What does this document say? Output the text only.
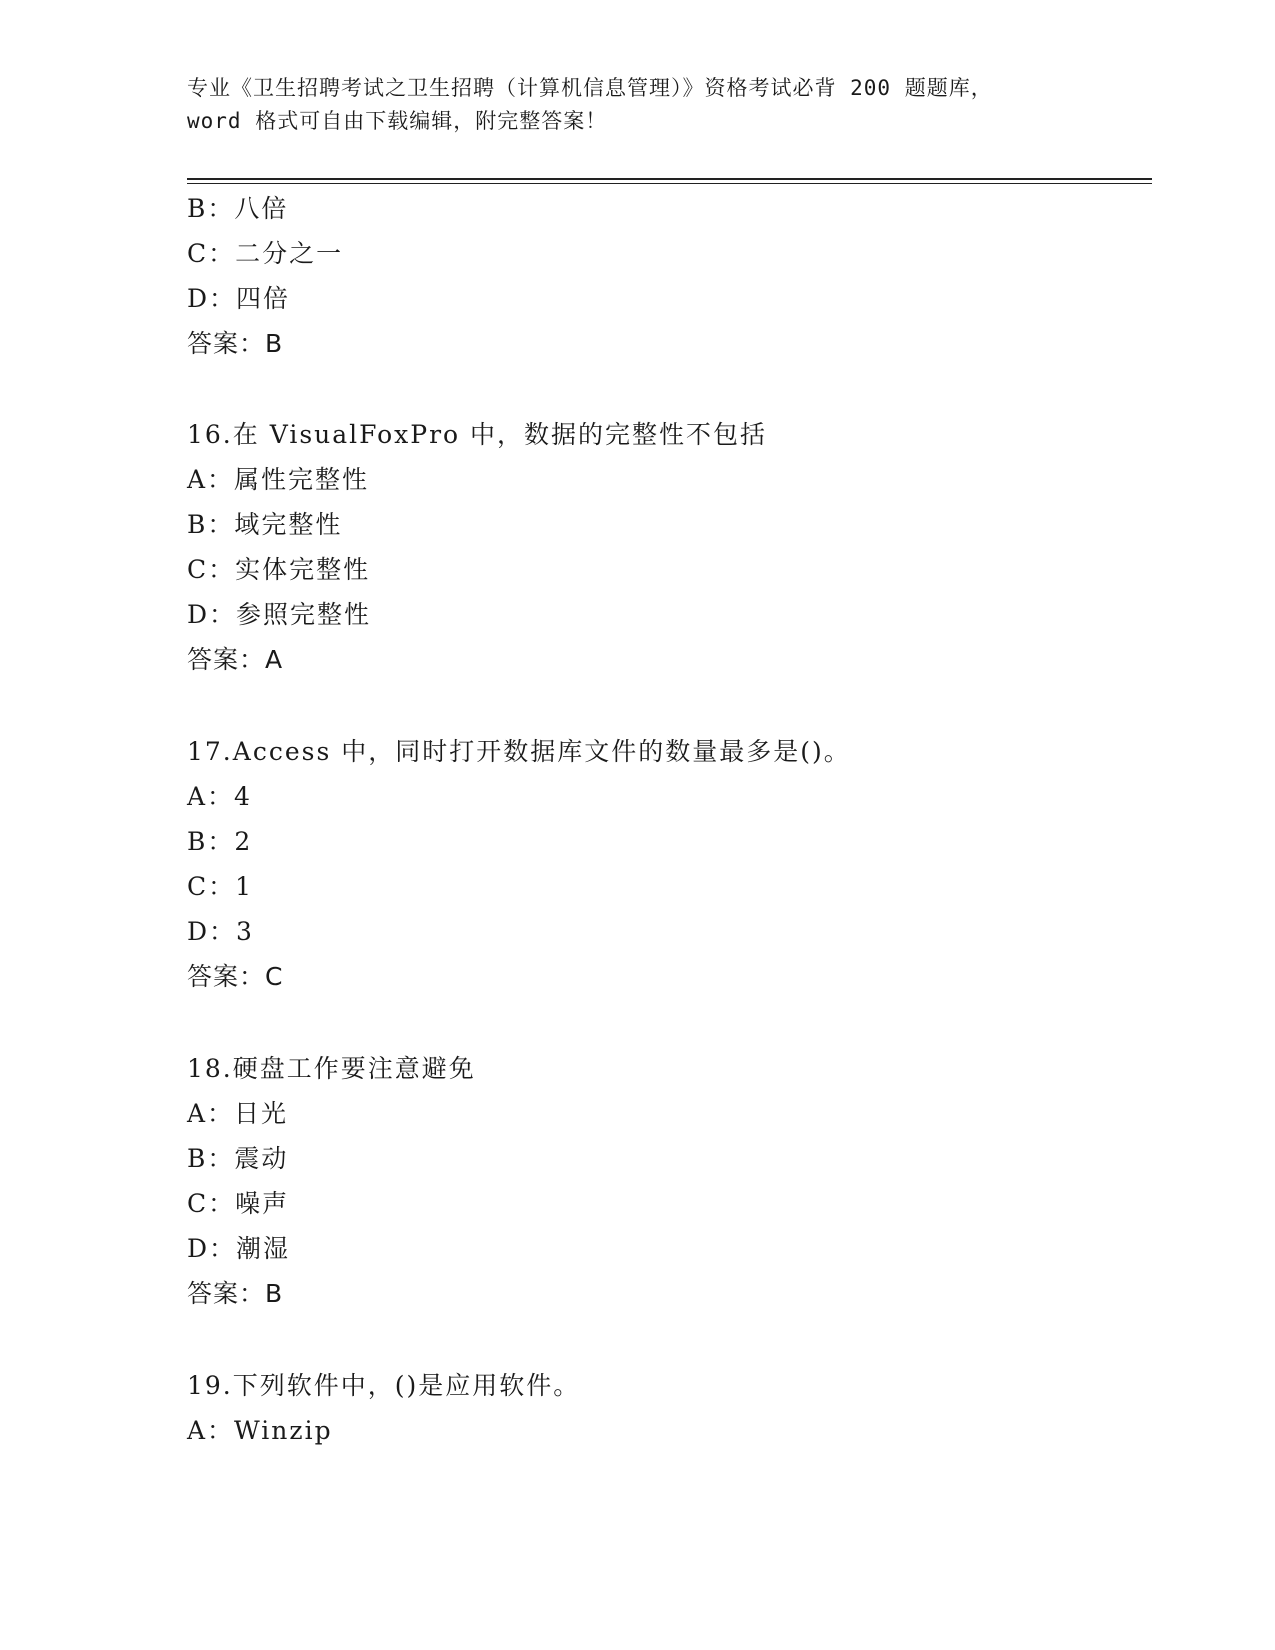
专业《卫生招聘考试之卫生招聘（计算机信息管理）》资格考试必背 200 题题库，
word 格式可自由下载编辑，附完整答案！
B：八倍
C：二分之一
D：四倍
答案：B
16.在 VisualFoxPro 中，数据的完整性不包括
A：属性完整性
B：域完整性
C：实体完整性
D：参照完整性
答案：A
17.Access 中，同时打开数据库文件的数量最多是()。
A：4
B：2
C：1
D：3
答案：C
18.硬盘工作要注意避免
A：日光
B：震动
C：噪声
D：潮湿
答案：B
19.下列软件中，()是应用软件。
A：Winzip
